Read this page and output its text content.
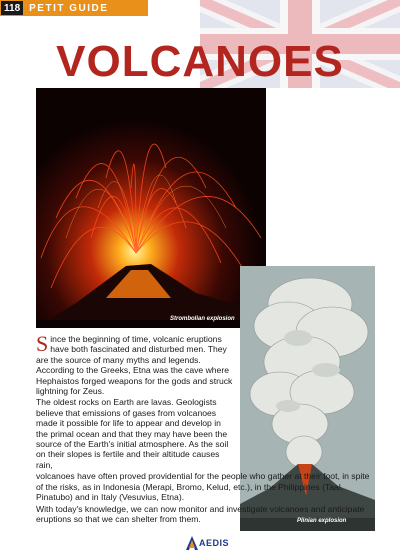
118 PETIT GUIDE
VOLCANOES
Strombolian explosion
Plinian explosion

Since the beginning of time, volcanic eruptions have both fascinated and disturbed men. They are the source of many myths and legends. According to the Greeks, Etna was the cave where Hephaistos forged weapons for the gods and struck lightning for Zeus.

The oldest rocks on Earth are lavas. Geologists believe that emissions of gases from volcanoes made it possible for life to appear and develop in the primal ocean and that they may have been the source of the Earth's initial atmosphere. As the soil on their slopes is fertile and their altitude causes rain,

volcanoes have often proved providential for the people who gather at their foot, in spite of the risks, as in Indonesia (Merapi, Bromo, Kelud, etc.), in the Philippines (Taal, Pinatubo) and in Italy (Vesuvius, Etna).

With today's knowledge, we can now monitor and investigate volcanoes and anticipate eruptions so that we can shelter from them.

AEDIS
